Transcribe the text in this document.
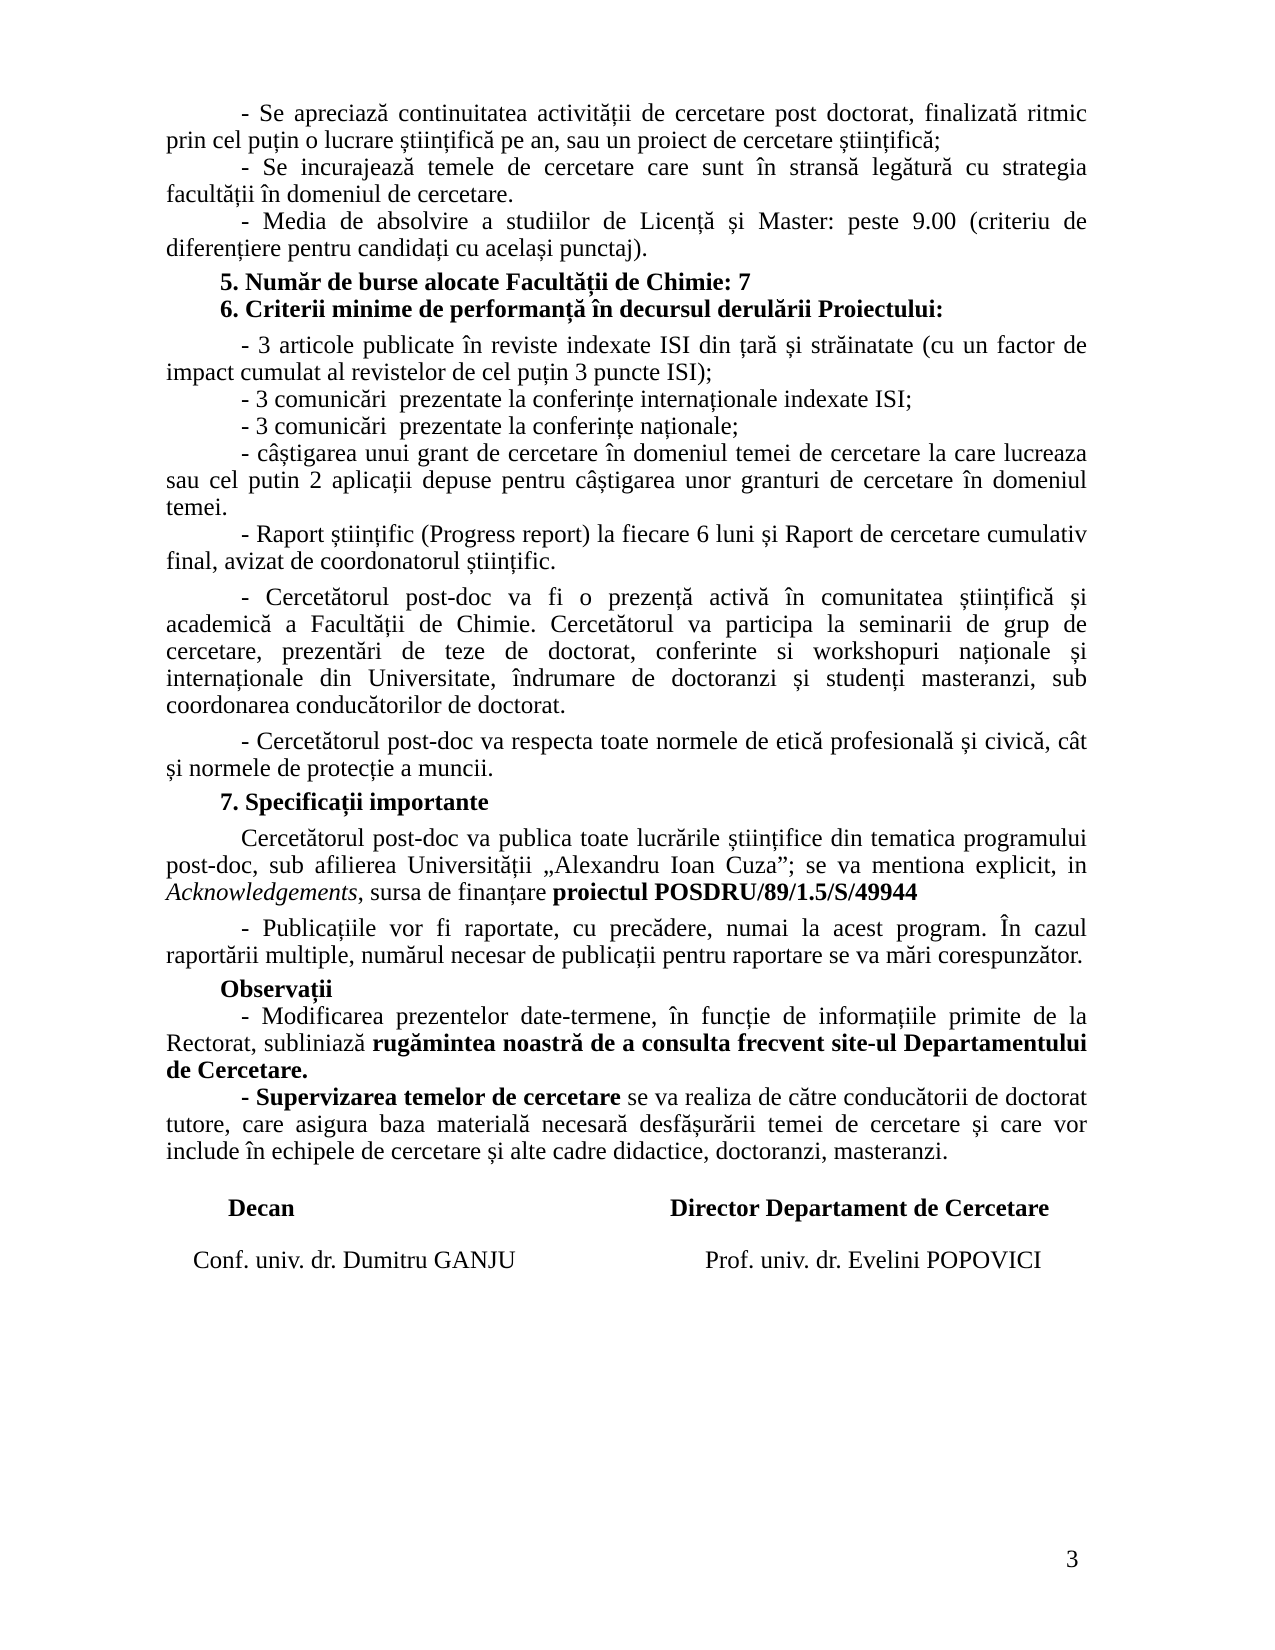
- Se apreciază continuitatea activității de cercetare post doctorat, finalizată ritmic prin cel puțin o lucrare științifică pe an, sau un proiect de cercetare științifică;

- Se incurajează temele de cercetare care sunt în stransă legătură cu strategia facultății în domeniul de cercetare.

- Media de absolvire a studiilor de Licență și Master: peste 9.00 (criteriu de diferențiere pentru candidați cu același punctaj).

5. Număr de burse alocate Facultății de Chimie: 7

6. Criterii minime de performanță în decursul derulării Proiectului:

- 3 articole publicate în reviste indexate ISI din țară și străinatate (cu un factor de impact cumulat al revistelor de cel puțin 3 puncte ISI);

- 3 comunicări  prezentate la conferințe internaționale indexate ISI;

- 3 comunicări  prezentate la conferințe naționale;

- câștigarea unui grant de cercetare în domeniul temei de cercetare la care lucreaza sau cel putin 2 aplicații depuse pentru câștigarea unor granturi de cercetare în domeniul temei.

- Raport științific (Progress report) la fiecare 6 luni și Raport de cercetare cumulativ final, avizat de coordonatorul științific.

- Cercetătorul post-doc va fi o prezență activă în comunitatea științifică și academică a Facultății de Chimie. Cercetătorul va participa la seminarii de grup de cercetare, prezentări de teze de doctorat, conferinte si workshopuri naționale și internaționale din Universitate, îndrumare de doctoranzi și studenți masteranzi, sub coordonarea conducătorilor de doctorat.

- Cercetătorul post-doc va respecta toate normele de etică profesională și civică, cât și normele de protecție a muncii.

7. Specificații importante

Cercetătorul post-doc va publica toate lucrările științifice din tematica programului post-doc, sub afilierea Universității „Alexandru Ioan Cuza”; se va mentiona explicit, in Acknowledgements, sursa de finanțare proiectul POSDRU/89/1.5/S/49944

- Publicațiile vor fi raportate, cu precădere, numai la acest program. În cazul raportării multiple, numărul necesar de publicații pentru raportare se va mări corespunzător.

Observații

- Modificarea prezentelor date-termene, în funcție de informațiile primite de la Rectorat, subliniază rugămintea noastră de a consulta frecvent site-ul Departamentului de Cercetare.

- Supervizarea temelor de cercetare se va realiza de către conducătorii de doctorat tutore, care asigura baza materială necesară desfășurării temei de cercetare și care vor include în echipele de cercetare și alte cadre didactice, doctoranzi, masteranzi.

Decan	Director Departament de Cercetare
Conf. univ. dr. Dumitru GANJU	Prof. univ. dr. Evelini POPOVICI
3
